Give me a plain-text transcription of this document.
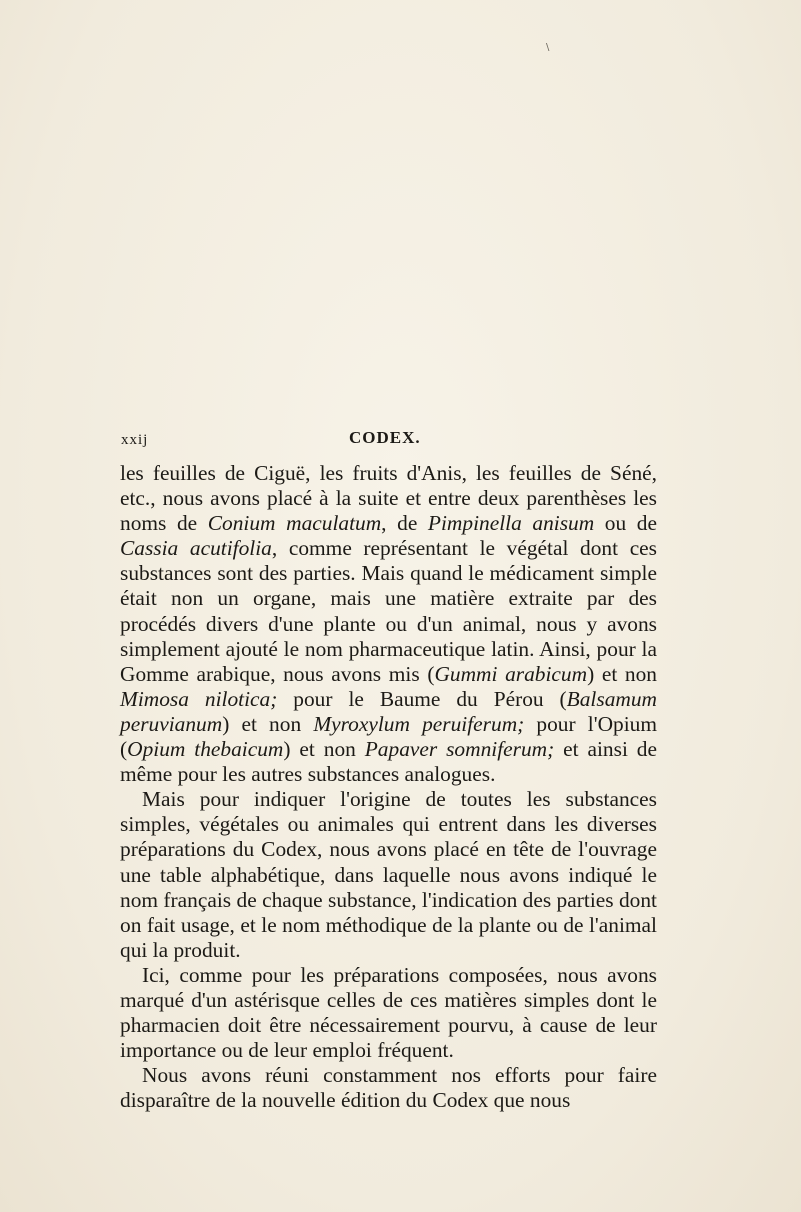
\
xxij	CODEX.

les feuilles de Ciguë, les fruits d'Anis, les feuilles de Séné, etc., nous avons placé à la suite et entre deux parenthèses les noms de Conium maculatum, de Pimpinella anisum ou de Cassia acutifolia, comme représentant le végétal dont ces substances sont des parties. Mais quand le médicament simple était non un organe, mais une matière extraite par des procédés divers d'une plante ou d'un animal, nous y avons simplement ajouté le nom pharmaceutique latin. Ainsi, pour la Gomme arabique, nous avons mis (Gummi arabicum) et non Mimosa nilotica; pour le Baume du Pérou (Balsamum peruvianum) et non Myroxylum peruiferum; pour l'Opium (Opium thebaicum) et non Papaver somniferum; et ainsi de même pour les autres substances analogues.

Mais pour indiquer l'origine de toutes les substances simples, végétales ou animales qui entrent dans les diverses préparations du Codex, nous avons placé en tête de l'ouvrage une table alphabétique, dans laquelle nous avons indiqué le nom français de chaque substance, l'indication des parties dont on fait usage, et le nom méthodique de la plante ou de l'animal qui la produit.

Ici, comme pour les préparations composées, nous avons marqué d'un astérisque celles de ces matières simples dont le pharmacien doit être nécessairement pourvu, à cause de leur importance ou de leur emploi fréquent.

Nous avons réuni constamment nos efforts pour faire disparaître de la nouvelle édition du Codex que nous
